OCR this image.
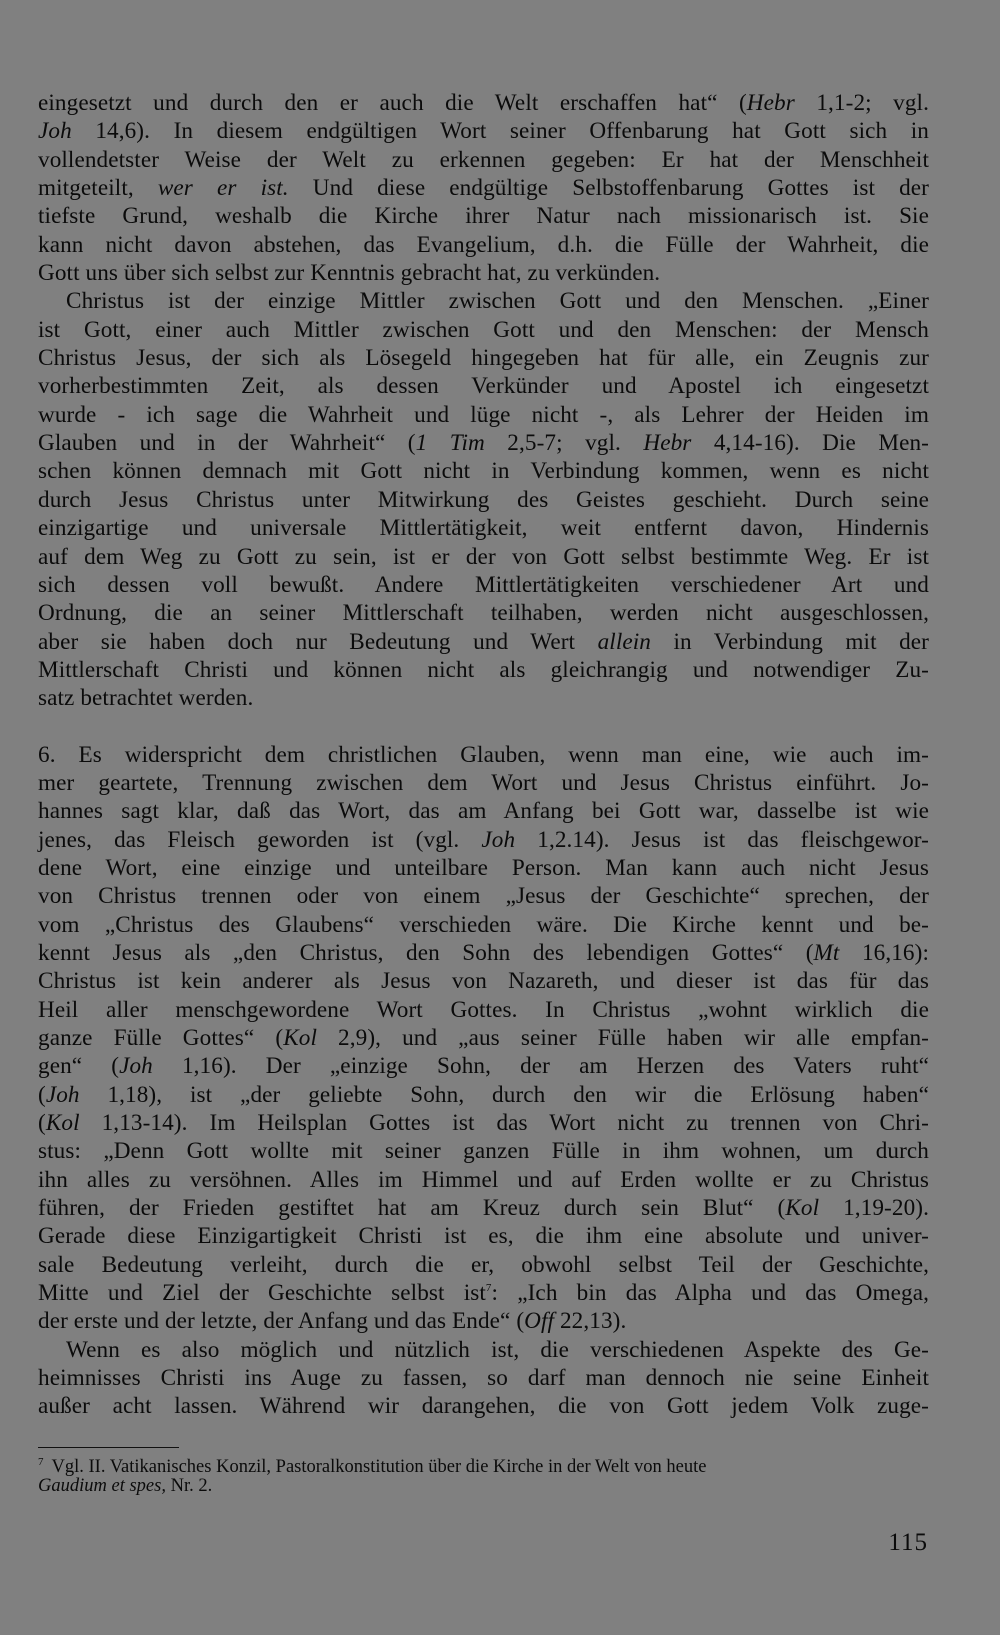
eingesetzt und durch den er auch die Welt erschaffen hat“ (Hebr 1,1-2; vgl.
Joh 14,6). In diesem endgültigen Wort seiner Offenbarung hat Gott sich in
vollendetster Weise der Welt zu erkennen gegeben: Er hat der Menschheit
mitgeteilt, wer er ist. Und diese endgültige Selbstoffenbarung Gottes ist der
tiefste Grund, weshalb die Kirche ihrer Natur nach missionarisch ist. Sie
kann nicht davon abstehen, das Evangelium, d.h. die Fülle der Wahrheit, die
Gott uns über sich selbst zur Kenntnis gebracht hat, zu verkünden.
Christus ist der einzige Mittler zwischen Gott und den Menschen. „Einer
ist Gott, einer auch Mittler zwischen Gott und den Menschen: der Mensch
Christus Jesus, der sich als Lösegeld hingegeben hat für alle, ein Zeugnis zur
vorherbestimmten Zeit, als dessen Verkünder und Apostel ich eingesetzt
wurde - ich sage die Wahrheit und lüge nicht -, als Lehrer der Heiden im
Glauben und in der Wahrheit“ (1 Tim 2,5-7; vgl. Hebr 4,14-16). Die Men-
schen können demnach mit Gott nicht in Verbindung kommen, wenn es nicht
durch Jesus Christus unter Mitwirkung des Geistes geschieht. Durch seine
einzigartige und universale Mittlertätigkeit, weit entfernt davon, Hindernis
auf dem Weg zu Gott zu sein, ist er der von Gott selbst bestimmte Weg. Er ist
sich dessen voll bewußt. Andere Mittlertätigkeiten verschiedener Art und
Ordnung, die an seiner Mittlerschaft teilhaben, werden nicht ausgeschlossen,
aber sie haben doch nur Bedeutung und Wert allein in Verbindung mit der
Mittlerschaft Christi und können nicht als gleichrangig und notwendiger Zu-
satz betrachtet werden.
6. Es widerspricht dem christlichen Glauben, wenn man eine, wie auch im-
mer geartete, Trennung zwischen dem Wort und Jesus Christus einführt. Jo-
hannes sagt klar, daß das Wort, das am Anfang bei Gott war, dasselbe ist wie
jenes, das Fleisch geworden ist (vgl. Joh 1,2.14). Jesus ist das fleischgewor-
dene Wort, eine einzige und unteilbare Person. Man kann auch nicht Jesus
von Christus trennen oder von einem „Jesus der Geschichte“ sprechen, der
vom „Christus des Glaubens“ verschieden wäre. Die Kirche kennt und be-
kennt Jesus als „den Christus, den Sohn des lebendigen Gottes“ (Mt 16,16):
Christus ist kein anderer als Jesus von Nazareth, und dieser ist das für das
Heil aller menschgewordene Wort Gottes. In Christus „wohnt wirklich die
ganze Fülle Gottes“ (Kol 2,9), und „aus seiner Fülle haben wir alle empfan-
gen“ (Joh 1,16). Der „einzige Sohn, der am Herzen des Vaters ruht“
(Joh 1,18), ist „der geliebte Sohn, durch den wir die Erlösung haben“
(Kol 1,13-14). Im Heilsplan Gottes ist das Wort nicht zu trennen von Chri-
stus: „Denn Gott wollte mit seiner ganzen Fülle in ihm wohnen, um durch
ihn alles zu versöhnen. Alles im Himmel und auf Erden wollte er zu Christus
führen, der Frieden gestiftet hat am Kreuz durch sein Blut“ (Kol 1,19-20).
Gerade diese Einzigartigkeit Christi ist es, die ihm eine absolute und univer-
sale Bedeutung verleiht, durch die er, obwohl selbst Teil der Geschichte,
Mitte und Ziel der Geschichte selbst ist$^7$: „Ich bin das Alpha und das Omega,
der erste und der letzte, der Anfang und das Ende“ (Off 22,13).
Wenn es also möglich und nützlich ist, die verschiedenen Aspekte des Ge-
heimnisses Christi ins Auge zu fassen, so darf man dennoch nie seine Einheit
außer acht lassen. Während wir darangehen, die von Gott jedem Volk zuge-
$^7$ Vgl. II. Vatikanisches Konzil, Pastoralkonstitution über die Kirche in der Welt von heute
Gaudium et spes, Nr. 2.
115
